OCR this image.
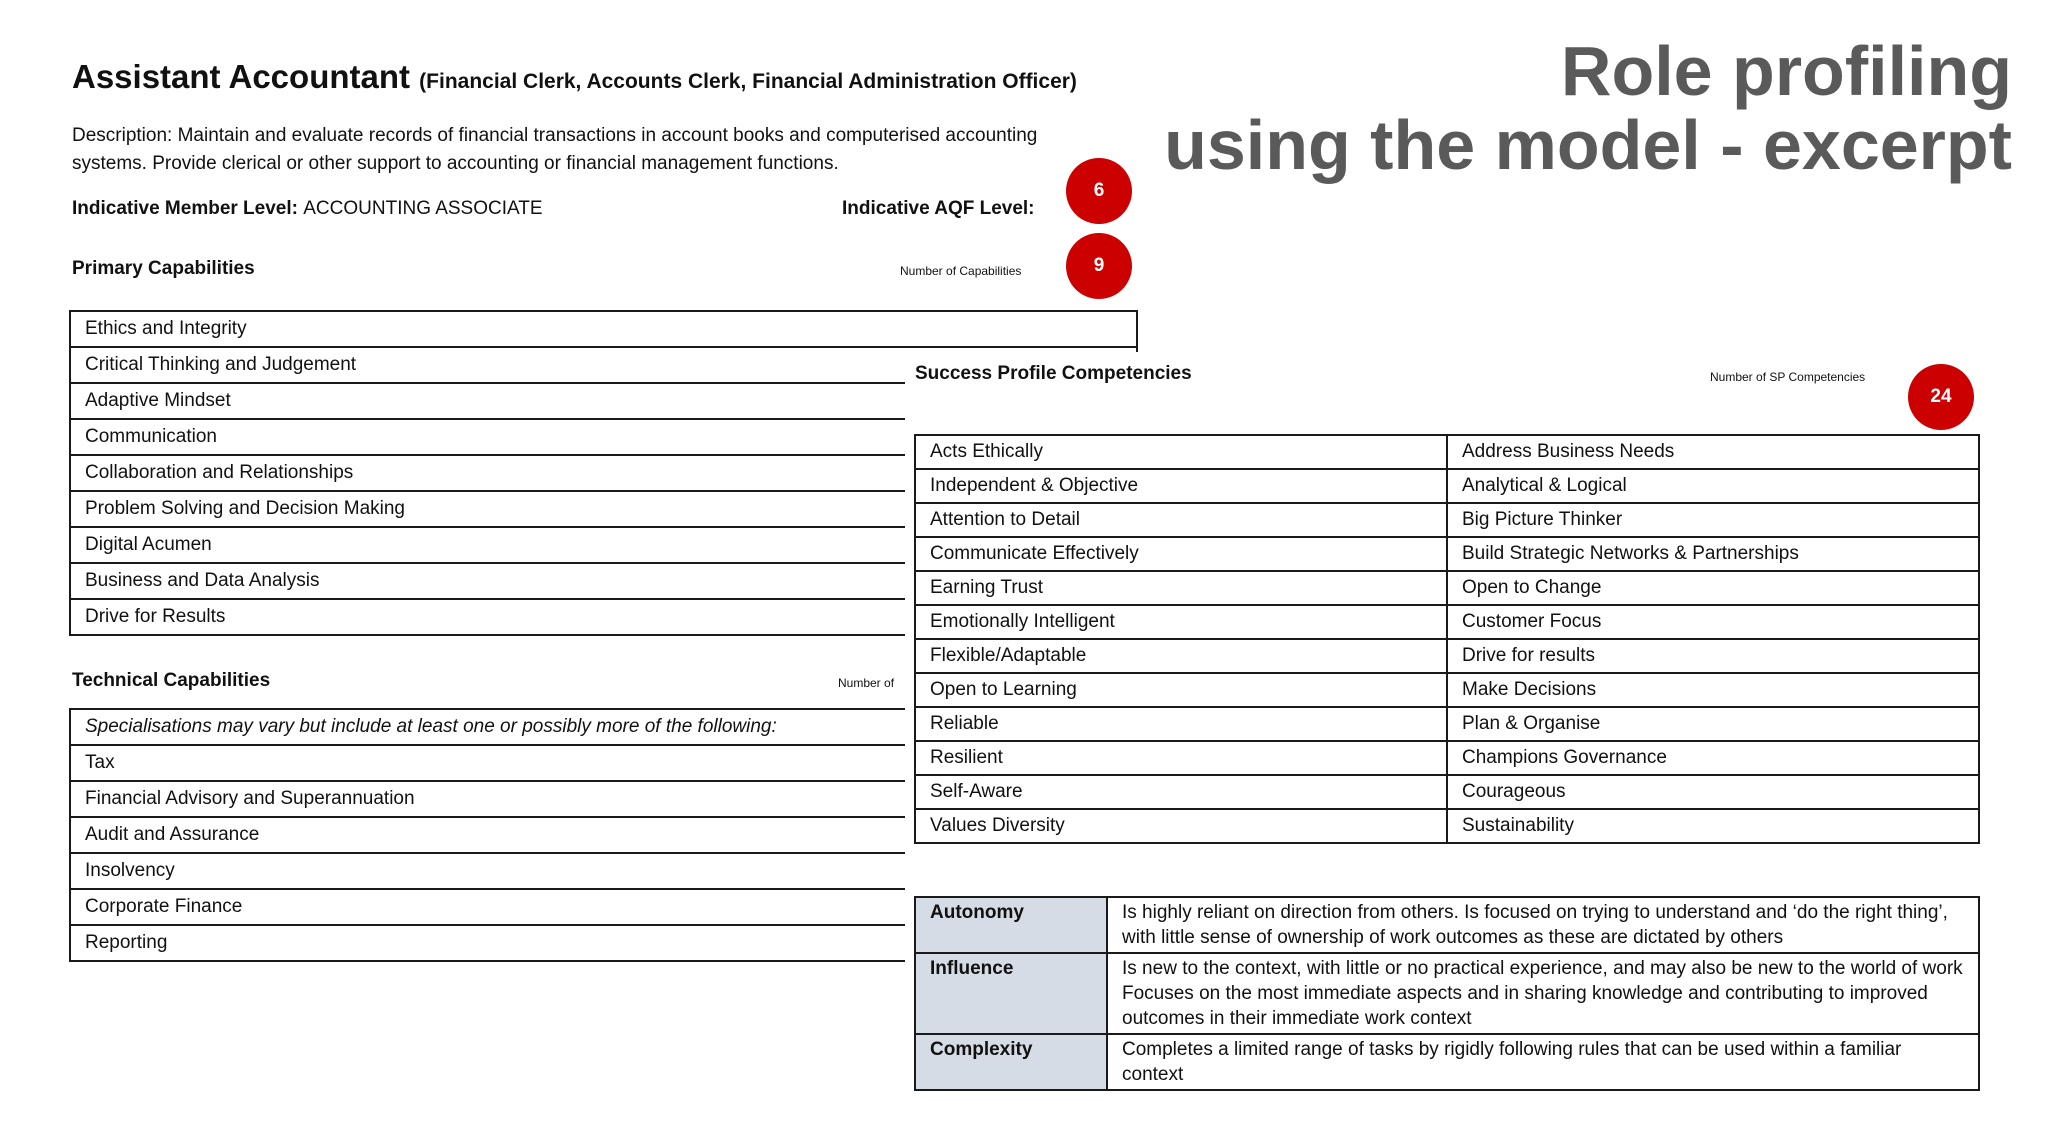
Role profiling
using the model - excerpt
Assistant Accountant (Financial Clerk, Accounts Clerk, Financial Administration Officer)
Description: Maintain and evaluate records of financial transactions in account books and computerised accounting systems. Provide clerical or other support to accounting or financial management functions.
Indicative Member Level: ACCOUNTING ASSOCIATE	Indicative AQF Level:
6
Primary Capabilities	Number of Capabilities	9
Ethics and Integrity
Critical Thinking and Judgement
Adaptive Mindset
Communication
Collaboration and Relationships
Problem Solving and Decision Making
Digital Acumen
Business and Data Analysis
Drive for Results
Technical Capabilities	Number of
Specialisations may vary but include at least one or possibly more of the following:
Tax
Financial Advisory and Superannuation
Audit and Assurance
Insolvency
Corporate Finance
Reporting
Success Profile Competencies	Number of SP Competencies
24
Acts Ethically	Address Business Needs
Independent & Objective	Analytical & Logical
Attention to Detail	Big Picture Thinker
Communicate Effectively	Build Strategic Networks & Partnerships
Earning Trust	Open to Change
Emotionally Intelligent	Customer Focus
Flexible/Adaptable	Drive for results
Open to Learning	Make Decisions
Reliable	Plan & Organise
Resilient	Champions Governance
Self-Aware	Courageous
Values Diversity	Sustainability
Autonomy	Is highly reliant on direction from others. Is focused on trying to understand and ‘do the right thing’, with little sense of ownership of work outcomes as these are dictated by others

Influence	Is new to the context, with little or no practical experience, and may also be new to the world of work
Focuses on the most immediate aspects and in sharing knowledge and contributing to improved outcomes in their immediate work context

Complexity	Completes a limited range of tasks by rigidly following rules that can be used within a familiar context
